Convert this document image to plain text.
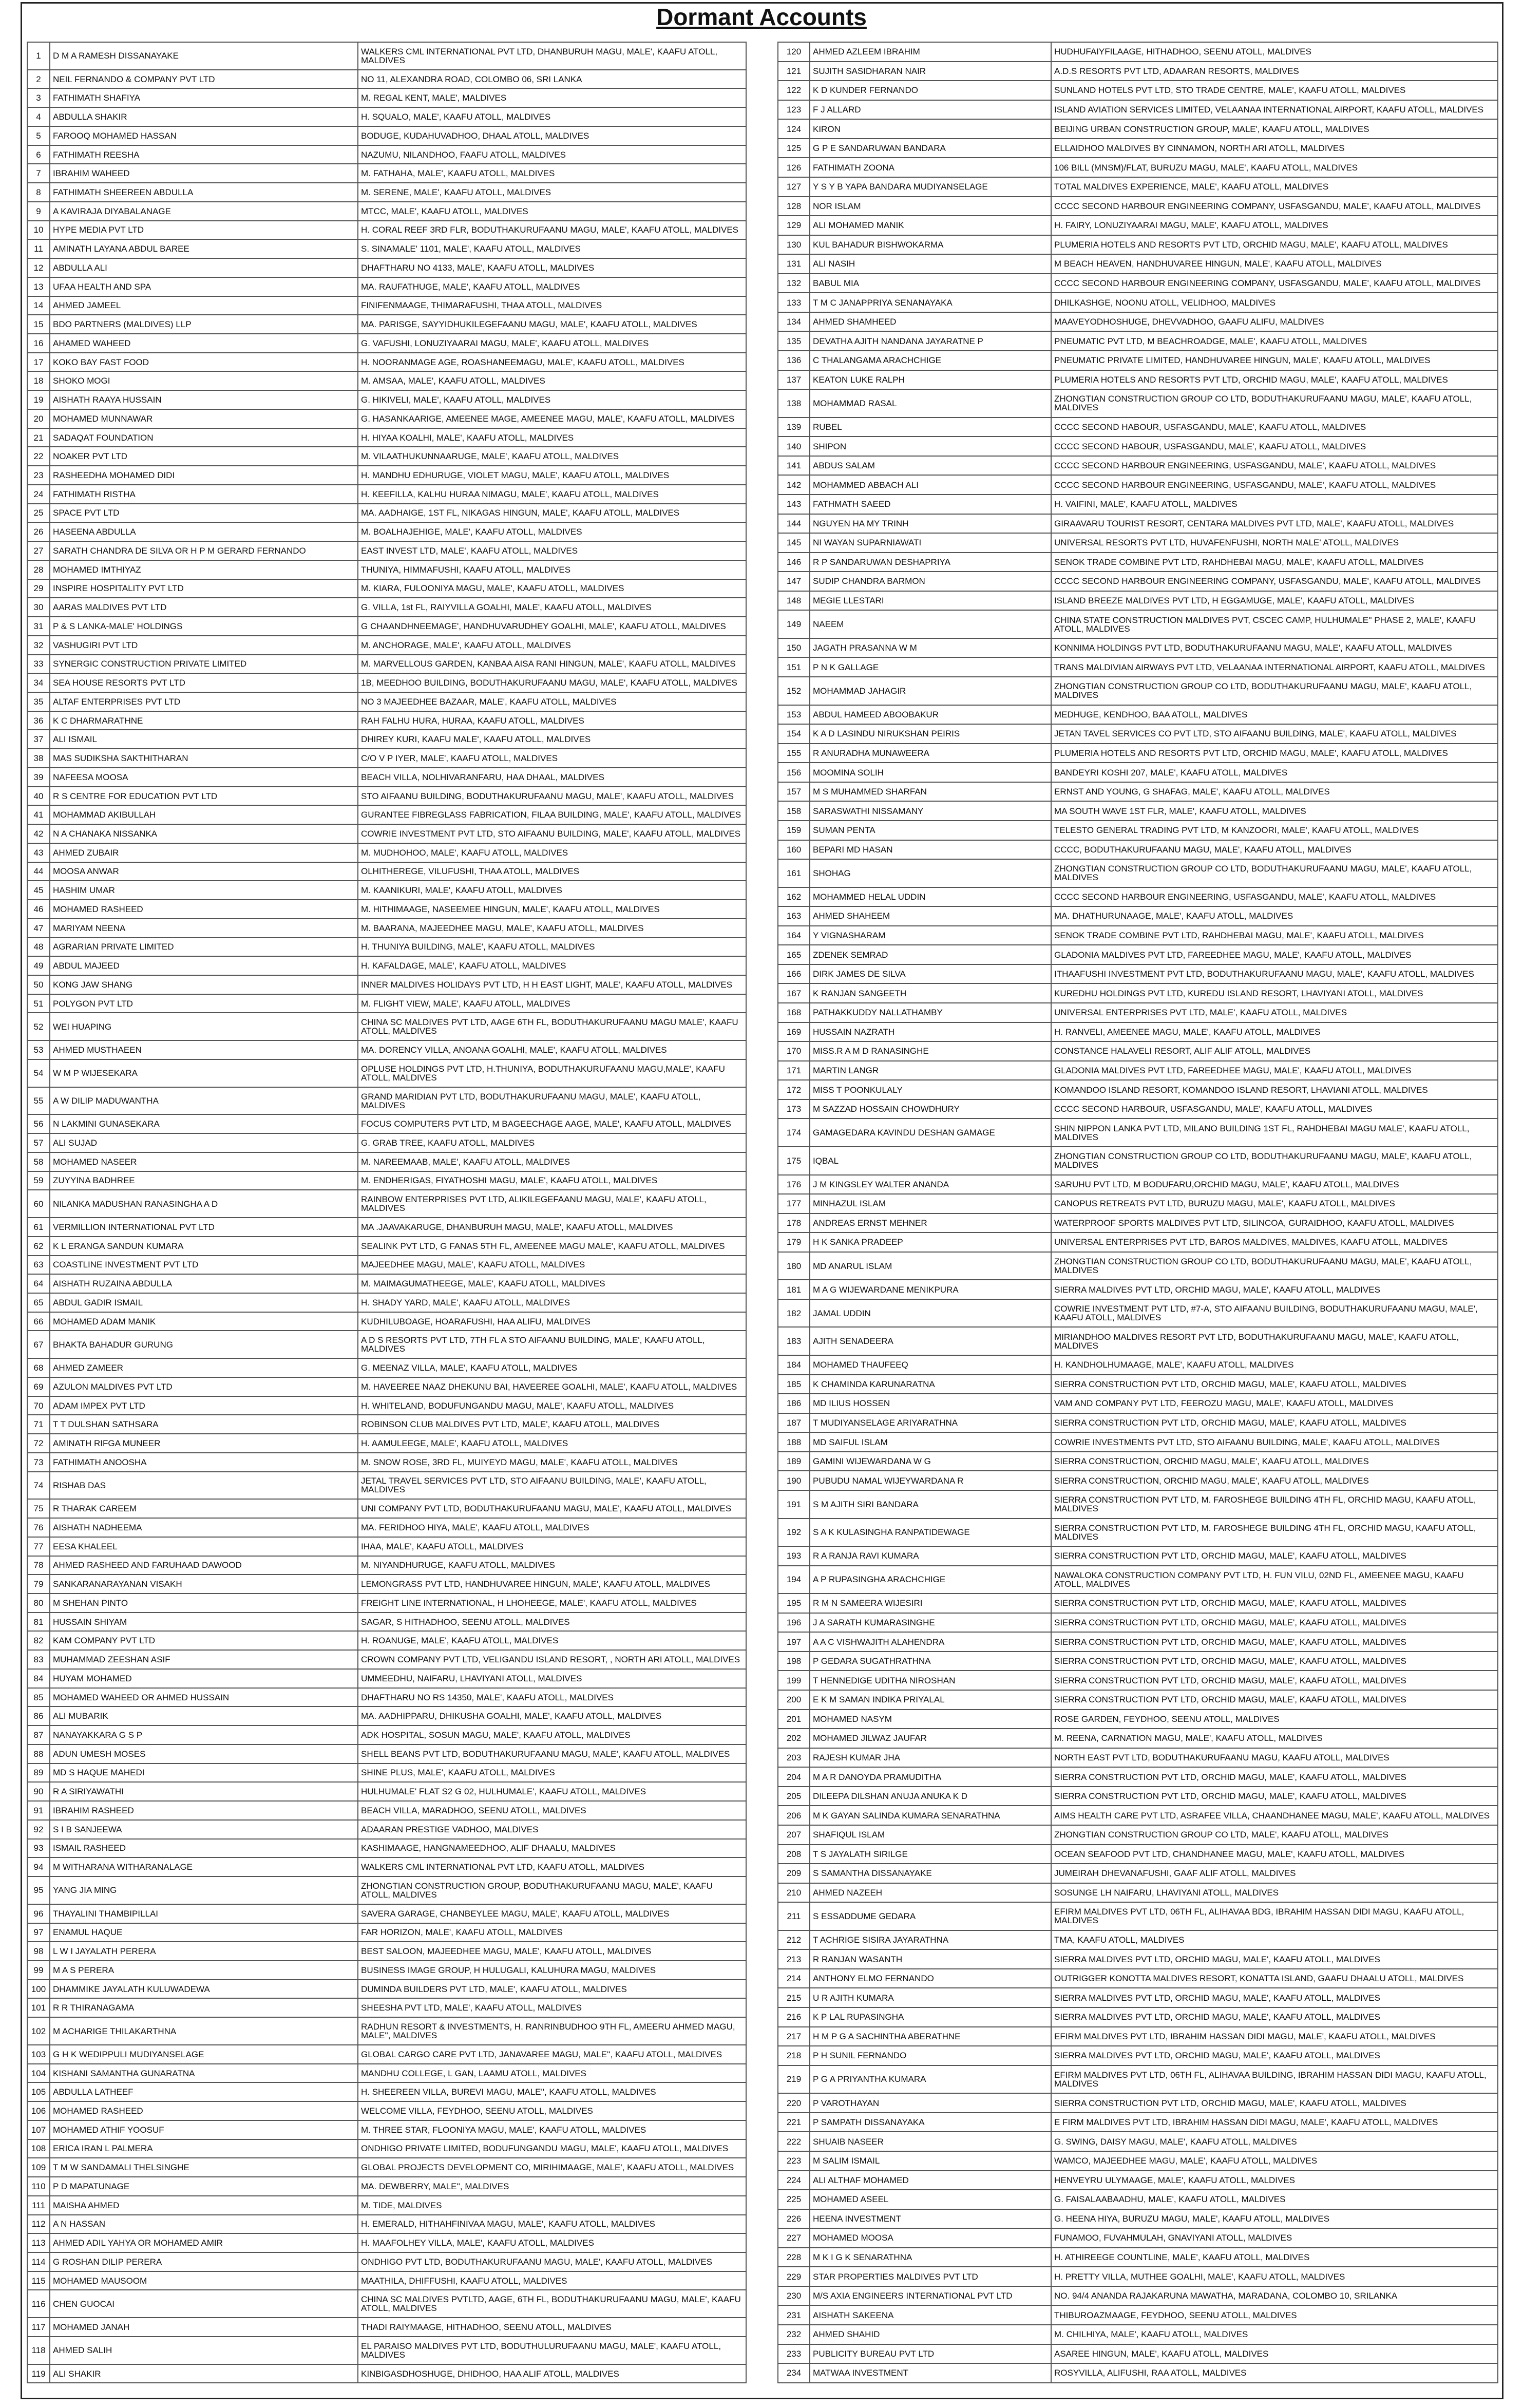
Dormant Accounts
1	D M A RAMESH DISSANAYAKE	WALKERS CML INTERNATIONAL PVT LTD, DHANBURUH MAGU, MALE', KAAFU ATOLL, MALDIVES
2	NEIL FERNANDO & COMPANY PVT LTD	NO 11, ALEXANDRA ROAD, COLOMBO 06, SRI LANKA
3	FATHIMATH SHAFIYA	M. REGAL KENT, MALE', MALDIVES
4	ABDULLA SHAKIR	H. SQUALO, MALE', KAAFU ATOLL, MALDIVES
5	FAROOQ MOHAMED HASSAN	BODUGE, KUDAHUVADHOO, DHAAL ATOLL, MALDIVES
6	FATHIMATH REESHA	NAZUMU, NILANDHOO, FAAFU ATOLL, MALDIVES
7	IBRAHIM WAHEED	M. FATHAHA, MALE', KAAFU ATOLL, MALDIVES
8	FATHIMATH SHEEREEN ABDULLA	M. SERENE, MALE', KAAFU ATOLL, MALDIVES
9	A KAVIRAJA DIYABALANAGE	MTCC, MALE', KAAFU ATOLL, MALDIVES
10	HYPE MEDIA PVT LTD	H. CORAL REEF 3RD FLR, BODUTHAKURUFAANU MAGU, MALE', KAAFU ATOLL, MALDIVES
11	AMINATH LAYANA ABDUL BAREE	S. SINAMALE' 1101, MALE', KAAFU ATOLL, MALDIVES
12	ABDULLA ALI	DHAFTHARU NO 4133, MALE', KAAFU ATOLL, MALDIVES
13	UFAA HEALTH AND SPA	MA. RAUFATHUGE, MALE', KAAFU ATOLL, MALDIVES
14	AHMED JAMEEL	FINIFENMAAGE, THIMARAFUSHI, THAA ATOLL, MALDIVES
15	BDO PARTNERS (MALDIVES) LLP	MA. PARISGE, SAYYIDHUKILEGEFAANU MAGU, MALE', KAAFU ATOLL, MALDIVES
16	AHAMED WAHEED	G. VAFUSHI, LONUZIYAARAI MAGU, MALE', KAAFU ATOLL, MALDIVES
17	KOKO BAY FAST FOOD	H. NOORANMAGE AGE, ROASHANEEMAGU, MALE', KAAFU ATOLL, MALDIVES
18	SHOKO MOGI	M. AMSAA, MALE', KAAFU ATOLL, MALDIVES
19	AISHATH RAAYA HUSSAIN	G. HIKIVELI, MALE', KAAFU ATOLL, MALDIVES
20	MOHAMED MUNNAWAR	G. HASANKAARIGE, AMEENEE MAGE, AMEENEE MAGU, MALE', KAAFU ATOLL, MALDIVES
21	SADAQAT FOUNDATION	H. HIYAA KOALHI, MALE', KAAFU ATOLL, MALDIVES
22	NOAKER PVT LTD	M. VILAATHUKUNNAARUGE, MALE', KAAFU ATOLL, MALDIVES
23	RASHEEDHA MOHAMED DIDI	H. MANDHU EDHURUGE, VIOLET MAGU, MALE', KAAFU ATOLL, MALDIVES
24	FATHIMATH RISTHA	H. KEEFILLA, KALHU HURAA NIMAGU, MALE', KAAFU ATOLL, MALDIVES
25	SPACE PVT LTD	MA. AADHAIGE, 1ST FL, NIKAGAS HINGUN, MALE', KAAFU ATOLL, MALDIVES
26	HASEENA ABDULLA	M. BOALHAJEHIGE, MALE', KAAFU ATOLL, MALDIVES
27	SARATH CHANDRA DE SILVA OR H P M GERARD FERNANDO	EAST INVEST LTD, MALE', KAAFU ATOLL, MALDIVES
28	MOHAMED IMTHIYAZ	THUNIYA, HIMMAFUSHI, KAAFU ATOLL, MALDIVES
29	INSPIRE HOSPITALITY PVT LTD	M. KIARA, FULOONIYA MAGU, MALE', KAAFU ATOLL, MALDIVES
30	AARAS MALDIVES PVT LTD	G. VILLA, 1st FL, RAIYVILLA GOALHI, MALE', KAAFU ATOLL, MALDIVES
31	P & S LANKA-MALE' HOLDINGS	G CHAANDHNEEMAGE', HANDHUVARUDHEY GOALHI, MALE', KAAFU ATOLL, MALDIVES
32	VASHUGIRI PVT LTD	M. ANCHORAGE, MALE', KAAFU ATOLL, MALDIVES
33	SYNERGIC CONSTRUCTION PRIVATE LIMITED	M. MARVELLOUS GARDEN, KANBAA AISA RANI HINGUN, MALE', KAAFU ATOLL, MALDIVES
34	SEA HOUSE RESORTS PVT LTD	1B, MEEDHOO BUILDING, BODUTHAKURUFAANU MAGU, MALE', KAAFU ATOLL, MALDIVES
35	ALTAF ENTERPRISES PVT LTD	NO 3 MAJEEDHEE BAZAAR, MALE', KAAFU ATOLL, MALDIVES
36	K C DHARMARATHNE	RAH FALHU HURA, HURAA, KAAFU ATOLL, MALDIVES
37	ALI ISMAIL	DHIREY KURI, KAAFU MALE', KAAFU ATOLL, MALDIVES
38	MAS SUDIKSHA SAKTHITHARAN	C/O V P IYER, MALE', KAAFU ATOLL, MALDIVES
39	NAFEESA MOOSA	BEACH VILLA, NOLHIVARANFARU, HAA DHAAL, MALDIVES
40	R S CENTRE FOR EDUCATION PVT LTD	STO AIFAANU BUILDING, BODUTHAKURUFAANU MAGU, MALE', KAAFU ATOLL, MALDIVES
41	MOHAMMAD AKIBULLAH	GURANTEE FIBREGLASS FABRICATION, FILAA BUILDING, MALE', KAAFU ATOLL, MALDIVES
42	N A CHANAKA NISSANKA	COWRIE INVESTMENT PVT LTD, STO AIFAANU BUILDING, MALE', KAAFU ATOLL, MALDIVES
43	AHMED ZUBAIR	M. MUDHOHOO, MALE', KAAFU ATOLL, MALDIVES
44	MOOSA ANWAR	OLHITHEREGE, VILUFUSHI, THAA ATOLL, MALDIVES
45	HASHIM UMAR	M. KAANIKURI, MALE', KAAFU ATOLL, MALDIVES
46	MOHAMED RASHEED	M. HITHIMAAGE, NASEEMEE HINGUN, MALE', KAAFU ATOLL, MALDIVES
47	MARIYAM NEENA	M. BAARANA, MAJEEDHEE MAGU, MALE', KAAFU ATOLL, MALDIVES
48	AGRARIAN PRIVATE LIMITED	H. THUNIYA BUILDING, MALE', KAAFU ATOLL, MALDIVES
49	ABDUL MAJEED	H. KAFALDAGE, MALE', KAAFU ATOLL, MALDIVES
50	KONG JAW SHANG	INNER MALDIVES HOLIDAYS PVT LTD, H H EAST LIGHT, MALE', KAAFU ATOLL, MALDIVES
51	POLYGON PVT LTD	M. FLIGHT VIEW, MALE', KAAFU ATOLL, MALDIVES
52	WEI HUAPING	CHINA SC MALDIVES PVT LTD, AAGE 6TH FL, BODUTHAKURUFAANU MAGU MALE', KAAFU ATOLL, MALDIVES
53	AHMED MUSTHAEEN	MA. DORENCY VILLA, ANOANA GOALHI, MALE', KAAFU ATOLL, MALDIVES
54	W M P WIJESEKARA	OPLUSE HOLDINGS PVT LTD, H.THUNIYA, BODUTHAKURUFAANU MAGU,MALE', KAAFU ATOLL, MALDIVES
55	A W DILIP MADUWANTHA	GRAND MARIDIAN PVT LTD, BODUTHAKURUFAANU MAGU, MALE', KAAFU ATOLL, MALDIVES
56	N LAKMINI GUNASEKARA	FOCUS COMPUTERS PVT LTD, M BAGEECHAGE AAGE, MALE', KAAFU ATOLL, MALDIVES
57	ALI SUJAD	G. GRAB TREE, KAAFU ATOLL, MALDIVES
58	MOHAMED NASEER	M. NAREEMAAB, MALE', KAAFU ATOLL, MALDIVES
59	ZUYYINA BADHREE	M. ENDHERIGAS, FIYATHOSHI MAGU, MALE', KAAFU ATOLL, MALDIVES
60	NILANKA MADUSHAN RANASINGHA A D	RAINBOW ENTERPRISES PVT LTD, ALIKILEGEFAANU MAGU, MALE', KAAFU ATOLL, MALDIVES
61	VERMILLION INTERNATIONAL PVT LTD	MA .JAAVAKARUGE, DHANBURUH MAGU, MALE', KAAFU ATOLL, MALDIVES
62	K L ERANGA SANDUN KUMARA	SEALINK PVT LTD, G FANAS 5TH FL, AMEENEE MAGU MALE', KAAFU ATOLL, MALDIVES
63	COASTLINE INVESTMENT PVT LTD	MAJEEDHEE MAGU, MALE', KAAFU ATOLL, MALDIVES
64	AISHATH RUZAINA ABDULLA	M. MAIMAGUMATHEEGE, MALE', KAAFU ATOLL, MALDIVES
65	ABDUL GADIR ISMAIL	H. SHADY YARD, MALE', KAAFU ATOLL, MALDIVES
66	MOHAMED ADAM MANIK	KUDHILUBOAGE, HOARAFUSHI, HAA ALIFU, MALDIVES
67	BHAKTA BAHADUR GURUNG	A D S RESORTS PVT LTD, 7TH FL A STO AIFAANU BUILDING, MALE', KAAFU ATOLL, MALDIVES
68	AHMED ZAMEER	G. MEENAZ VILLA, MALE', KAAFU ATOLL, MALDIVES
69	AZULON MALDIVES PVT LTD	M. HAVEEREE NAAZ DHEKUNU BAI, HAVEEREE GOALHI, MALE', KAAFU ATOLL, MALDIVES
70	ADAM IMPEX PVT LTD	H. WHITELAND, BODUFUNGANDU MAGU, MALE', KAAFU ATOLL, MALDIVES
71	T T DULSHAN SATHSARA	ROBINSON CLUB MALDIVES PVT LTD, MALE', KAAFU ATOLL, MALDIVES
72	AMINATH RIFGA MUNEER	H. AAMULEEGE, MALE', KAAFU ATOLL, MALDIVES
73	FATHIMATH ANOOSHA	M. SNOW ROSE, 3RD FL, MUIYEYD MAGU, MALE', KAAFU ATOLL, MALDIVES
74	RISHAB DAS	JETAL TRAVEL SERVICES PVT LTD, STO AIFAANU BUILDING, MALE', KAAFU ATOLL, MALDIVES
75	R THARAK CAREEM	UNI COMPANY PVT LTD, BODUTHAKURUFAANU MAGU, MALE', KAAFU ATOLL, MALDIVES
76	AISHATH NADHEEMA	MA. FERIDHOO HIYA, MALE', KAAFU ATOLL, MALDIVES
77	EESA KHALEEL	IHAA, MALE', KAAFU ATOLL, MALDIVES
78	AHMED RASHEED AND FARUHAAD DAWOOD	M. NIYANDHURUGE, KAAFU ATOLL, MALDIVES
79	SANKARANARAYANAN VISAKH	LEMONGRASS PVT LTD, HANDHUVAREE HINGUN, MALE', KAAFU ATOLL, MALDIVES
80	M SHEHAN PINTO	FREIGHT LINE INTERNATIONAL, H LHOHEEGE, MALE', KAAFU ATOLL, MALDIVES
81	HUSSAIN SHIYAM	SAGAR, S HITHADHOO, SEENU ATOLL, MALDIVES
82	KAM COMPANY PVT LTD	H. ROANUGE, MALE', KAAFU ATOLL, MALDIVES
83	MUHAMMAD ZEESHAN ASIF	CROWN COMPANY PVT LTD, VELIGANDU ISLAND RESORT, , NORTH ARI ATOLL, MALDIVES
84	HUYAM MOHAMED	UMMEEDHU, NAIFARU, LHAVIYANI ATOLL, MALDIVES
85	MOHAMED WAHEED OR AHMED HUSSAIN	DHAFTHARU NO RS 14350, MALE', KAAFU ATOLL, MALDIVES
86	ALI MUBARIK	MA. AADHIPPARU, DHIKUSHA GOALHI, MALE', KAAFU ATOLL, MALDIVES
87	NANAYAKKARA G S P	ADK HOSPITAL, SOSUN MAGU, MALE', KAAFU ATOLL, MALDIVES
88	ADUN UMESH MOSES	SHELL BEANS PVT LTD, BODUTHAKURUFAANU MAGU, MALE', KAAFU ATOLL, MALDIVES
89	MD S HAQUE MAHEDI	SHINE PLUS, MALE', KAAFU ATOLL, MALDIVES
90	R A SIRIYAWATHI	HULHUMALE' FLAT S2 G 02, HULHUMALE', KAAFU ATOLL, MALDIVES
91	IBRAHIM RASHEED	BEACH VILLA, MARADHOO, SEENU ATOLL, MALDIVES
92	S I B SANJEEWA	ADAARAN PRESTIGE VADHOO, MALDIVES
93	ISMAIL RASHEED	KASHIMAAGE, HANGNAMEEDHOO, ALIF DHAALU, MALDIVES
94	M WITHARANA WITHARANALAGE	WALKERS CML INTERNATIONAL PVT LTD, KAAFU ATOLL, MALDIVES
95	YANG JIA MING	ZHONGTIAN CONSTRUCTION GROUP, BODUTHAKURUFAANU MAGU, MALE', KAAFU ATOLL, MALDIVES
96	THAYALINI THAMBIPILLAI	SAVERA GARAGE, CHANBEYLEE MAGU, MALE', KAAFU ATOLL, MALDIVES
97	ENAMUL HAQUE	FAR HORIZON, MALE', KAAFU ATOLL, MALDIVES
98	L W I JAYALATH PERERA	BEST SALOON, MAJEEDHEE MAGU, MALE', KAAFU ATOLL, MALDIVES
99	M A S PERERA	BUSINESS IMAGE GROUP, H HULUGALI, KALUHURA MAGU, MALDIVES
100	DHAMMIKE JAYALATH KULUWADEWA	DUMINDA BUILDERS PVT LTD, MALE', KAAFU ATOLL, MALDIVES
101	R R THIRANAGAMA	SHEESHA PVT LTD, MALE', KAAFU ATOLL, MALDIVES
102	M ACHARIGE THILAKARTHNA	RADHUN RESORT & INVESTMENTS, H. RANRINBUDHOO 9TH FL, AMEERU AHMED MAGU, MALE'', MALDIVES
103	G H K WEDIPPULI MUDIYANSELAGE	GLOBAL CARGO CARE PVT LTD, JANAVAREE MAGU, MALE'', KAAFU ATOLL, MALDIVES
104	KISHANI SAMANTHA GUNARATNA	MANDHU COLLEGE, L GAN, LAAMU ATOLL, MALDIVES
105	ABDULLA LATHEEF	H. SHEEREEN VILLA, BUREVI MAGU, MALE'', KAAFU ATOLL, MALDIVES
106	MOHAMED RASHEED	WELCOME VILLA, FEYDHOO, SEENU ATOLL, MALDIVES
107	MOHAMED ATHIF YOOSUF	M. THREE STAR, FLOONIYA MAGU, MALE', KAAFU ATOLL, MALDIVES
108	ERICA IRAN L PALMERA	ONDHIGO PRIVATE LIMITED, BODUFUNGANDU MAGU, MALE', KAAFU ATOLL, MALDIVES
109	T M W SANDAMALI THELSINGHE	GLOBAL PROJECTS DEVELOPMENT CO, MIRIHIMAAGE, MALE', KAAFU ATOLL, MALDIVES
110	P D MAPATUNAGE	MA. DEWBERRY, MALE'', MALDIVES
111	MAISHA AHMED	M. TIDE, MALDIVES
112	A N HASSAN	H. EMERALD, HITHAHFINIVAA MAGU, MALE', KAAFU ATOLL, MALDIVES
113	AHMED ADIL YAHYA OR MOHAMED AMIR	H. MAAFOLHEY VILLA, MALE', KAAFU ATOLL, MALDIVES
114	G ROSHAN DILIP PERERA	ONDHIGO PVT LTD, BODUTHAKURUFAANU MAGU, MALE', KAAFU ATOLL, MALDIVES
115	MOHAMED MAUSOOM	MAATHILA, DHIFFUSHI, KAAFU ATOLL, MALDIVES
116	CHEN GUOCAI	CHINA SC MALDIVES PVTLTD, AAGE, 6TH FL, BODUTHAKURUFAANU MAGU, MALE', KAAFU ATOLL, MALDIVES
117	MOHAMED JANAH	THADI RAIYMAAGE, HITHADHOO, SEENU ATOLL, MALDIVES
118	AHMED SALIH	EL PARAISO MALDIVES PVT LTD, BODUTHULURUFAANU MAGU, MALE', KAAFU ATOLL, MALDIVES
119	ALI SHAKIR	KINBIGASDHOSHUGE, DHIDHOO, HAA ALIF ATOLL, MALDIVES
120	AHMED AZLEEM IBRAHIM	HUDHUFAIYFILAAGE, HITHADHOO, SEENU ATOLL, MALDIVES
121	SUJITH SASIDHARAN NAIR	A.D.S RESORTS PVT LTD, ADAARAN RESORTS, MALDIVES
122	K D KUNDER FERNANDO	SUNLAND HOTELS PVT LTD, STO TRADE CENTRE, MALE', KAAFU ATOLL, MALDIVES
123	F J ALLARD	ISLAND AVIATION SERVICES LIMITED, VELAANAA INTERNATIONAL AIRPORT, KAAFU ATOLL, MALDIVES
124	KIRON	BEIJING URBAN CONSTRUCTION GROUP, MALE', KAAFU ATOLL, MALDIVES
125	G P E SANDARUWAN BANDARA	ELLAIDHOO MALDIVES BY CINNAMON, NORTH ARI ATOLL, MALDIVES
126	FATHIMATH ZOONA	106 BILL (MNSM)/FLAT, BURUZU MAGU, MALE', KAAFU ATOLL, MALDIVES
127	Y S Y B YAPA BANDARA MUDIYANSELAGE	TOTAL MALDIVES EXPERIENCE, MALE', KAAFU ATOLL, MALDIVES
128	NOR ISLAM	CCCC SECOND HARBOUR ENGINEERING COMPANY, USFASGANDU, MALE', KAAFU ATOLL, MALDIVES
129	ALI MOHAMED MANIK	H. FAIRY, LONUZIYAARAI MAGU, MALE', KAAFU ATOLL, MALDIVES
130	KUL BAHADUR BISHWOKARMA	PLUMERIA HOTELS AND RESORTS PVT LTD, ORCHID MAGU, MALE', KAAFU ATOLL, MALDIVES
131	ALI NASIH	M BEACH HEAVEN, HANDHUVAREE HINGUN, MALE', KAAFU ATOLL, MALDIVES
132	BABUL MIA	CCCC SECOND HARBOUR ENGINEERING COMPANY, USFASGANDU, MALE', KAAFU ATOLL, MALDIVES
133	T M C JANAPPRIYA SENANAYAKA	DHILKASHGE, NOONU ATOLL, VELIDHOO, MALDIVES
134	AHMED SHAMHEED	MAAVEYODHOSHUGE, DHEVVADHOO, GAAFU ALIFU, MALDIVES
135	DEVATHA AJITH NANDANA JAYARATNE P	PNEUMATIC PVT LTD, M BEACHROADGE, MALE', KAAFU ATOLL, MALDIVES
136	C THALANGAMA ARACHCHIGE	PNEUMATIC PRIVATE LIMITED, HANDHUVAREE HINGUN, MALE', KAAFU ATOLL, MALDIVES
137	KEATON LUKE RALPH	PLUMERIA HOTELS AND RESORTS PVT LTD, ORCHID MAGU, MALE', KAAFU ATOLL, MALDIVES
138	MOHAMMAD RASAL	ZHONGTIAN CONSTRUCTION GROUP CO LTD, BODUTHAKURUFAANU MAGU, MALE', KAAFU ATOLL, MALDIVES
139	RUBEL	CCCC SECOND HABOUR, USFASGANDU, MALE', KAAFU ATOLL, MALDIVES
140	SHIPON	CCCC SECOND HABOUR, USFASGANDU, MALE', KAAFU ATOLL, MALDIVES
141	ABDUS SALAM	CCCC SECOND HARBOUR ENGINEERING, USFASGANDU, MALE', KAAFU ATOLL, MALDIVES
142	MOHAMMED ABBACH ALI	CCCC SECOND HARBOUR ENGINEERING, USFASGANDU, MALE', KAAFU ATOLL, MALDIVES
143	FATHMATH SAEED	H. VAIFINI, MALE', KAAFU ATOLL, MALDIVES
144	NGUYEN HA MY TRINH	GIRAAVARU TOURIST RESORT, CENTARA MALDIVES PVT LTD, MALE', KAAFU ATOLL, MALDIVES
145	NI WAYAN SUPARNIAWATI	UNIVERSAL RESORTS PVT LTD, HUVAFENFUSHI, NORTH MALE' ATOLL, MALDIVES
146	R P SANDARUWAN DESHAPRIYA	SENOK TRADE COMBINE PVT LTD, RAHDHEBAI MAGU, MALE', KAAFU ATOLL, MALDIVES
147	SUDIP CHANDRA BARMON	CCCC SECOND HARBOUR ENGINEERING COMPANY, USFASGANDU, MALE', KAAFU ATOLL, MALDIVES
148	MEGIE LLESTARI	ISLAND BREEZE MALDIVES PVT LTD, H EGGAMUGE, MALE', KAAFU ATOLL, MALDIVES
149	NAEEM	CHINA STATE CONSTRUCTION MALDIVES PVT, CSCEC CAMP, HULHUMALE'' PHASE 2, MALE', KAAFU ATOLL, MALDIVES
150	JAGATH PRASANNA W M	KONNIMA HOLDINGS PVT LTD, BODUTHAKURUFAANU MAGU, MALE', KAAFU ATOLL, MALDIVES
151	P N K GALLAGE	TRANS MALDIVIAN AIRWAYS PVT LTD, VELAANAA INTERNATIONAL AIRPORT, KAAFU ATOLL, MALDIVES
152	MOHAMMAD JAHAGIR	ZHONGTIAN CONSTRUCTION GROUP CO LTD, BODUTHAKURUFAANU MAGU, MALE', KAAFU ATOLL, MALDIVES
153	ABDUL HAMEED ABOOBAKUR	MEDHUGE, KENDHOO, BAA ATOLL, MALDIVES
154	K A D LASINDU NIRUKSHAN PEIRIS	JETAN TAVEL SERVICES CO PVT LTD, STO AIFAANU BUILDING, MALE', KAAFU ATOLL, MALDIVES
155	R ANURADHA MUNAWEERA	PLUMERIA HOTELS AND RESORTS PVT LTD, ORCHID MAGU, MALE', KAAFU ATOLL, MALDIVES
156	MOOMINA SOLIH	BANDEYRI KOSHI 207, MALE', KAAFU ATOLL, MALDIVES
157	M S MUHAMMED SHARFAN	ERNST AND YOUNG, G SHAFAG, MALE', KAAFU ATOLL, MALDIVES
158	SARASWATHI NISSAMANY	MA SOUTH WAVE 1ST FLR, MALE', KAAFU ATOLL, MALDIVES
159	SUMAN PENTA	TELESTO GENERAL TRADING PVT LTD, M KANZOORI, MALE', KAAFU ATOLL, MALDIVES
160	BEPARI MD HASAN	CCCC, BODUTHAKURUFAANU MAGU, MALE', KAAFU ATOLL, MALDIVES
161	SHOHAG	ZHONGTIAN CONSTRUCTION GROUP CO LTD, BODUTHAKURUFAANU MAGU, MALE', KAAFU ATOLL, MALDIVES
162	MOHAMMED HELAL UDDIN	CCCC SECOND HARBOUR ENGINEERING, USFASGANDU, MALE', KAAFU ATOLL, MALDIVES
163	AHMED SHAHEEM	MA. DHATHURUNAAGE, MALE', KAAFU ATOLL, MALDIVES
164	Y VIGNASHARAM	SENOK TRADE COMBINE PVT LTD, RAHDHEBAI MAGU, MALE', KAAFU ATOLL, MALDIVES
165	ZDENEK SEMRAD	GLADONIA MALDIVES PVT LTD, FAREEDHEE MAGU, MALE', KAAFU ATOLL, MALDIVES
166	DIRK JAMES DE SILVA	ITHAAFUSHI INVESTMENT PVT LTD, BODUTHAKURUFAANU MAGU, MALE', KAAFU ATOLL, MALDIVES
167	K RANJAN SANGEETH	KUREDHU HOLDINGS PVT LTD, KUREDU ISLAND RESORT, LHAVIYANI ATOLL, MALDIVES
168	PATHAKKUDDY NALLATHAMBY	UNIVERSAL ENTERPRISES PVT LTD, MALE', KAAFU ATOLL, MALDIVES
169	HUSSAIN NAZRATH	H. RANVELI, AMEENEE MAGU, MALE', KAAFU ATOLL, MALDIVES
170	MISS.R A M D RANASINGHE	CONSTANCE HALAVELI RESORT, ALIF ALIF ATOLL, MALDIVES
171	MARTIN LANGR	GLADONIA MALDIVES PVT LTD, FAREEDHEE MAGU, MALE', KAAFU ATOLL, MALDIVES
172	MISS T POONKULALY	KOMANDOO ISLAND RESORT, KOMANDOO ISLAND RESORT, LHAVIANI ATOLL, MALDIVES
173	M SAZZAD HOSSAIN CHOWDHURY	CCCC SECOND HARBOUR, USFASGANDU, MALE', KAAFU ATOLL, MALDIVES
174	GAMAGEDARA KAVINDU DESHAN GAMAGE	SHIN NIPPON LANKA PVT LTD, MILANO BUILDING 1ST FL, RAHDHEBAI MAGU MALE', KAAFU ATOLL, MALDIVES
175	IQBAL	ZHONGTIAN CONSTRUCTION GROUP CO LTD, BODUTHAKURUFAANU MAGU, MALE', KAAFU ATOLL, MALDIVES
176	J M KINGSLEY WALTER ANANDA	SARUHU PVT LTD, M BODUFARU,ORCHID MAGU, MALE', KAAFU ATOLL, MALDIVES
177	MINHAZUL ISLAM	CANOPUS RETREATS PVT LTD, BURUZU MAGU, MALE', KAAFU ATOLL, MALDIVES
178	ANDREAS ERNST MEHNER	WATERPROOF SPORTS MALDIVES PVT LTD, SILINCOA, GURAIDHOO, KAAFU ATOLL, MALDIVES
179	H K SANKA PRADEEP	UNIVERSAL ENTERPRISES PVT LTD, BAROS MALDIVES, MALDIVES, KAAFU ATOLL, MALDIVES
180	MD ANARUL ISLAM	ZHONGTIAN CONSTRUCTION GROUP CO LTD, BODUTHAKURUFAANU MAGU, MALE', KAAFU ATOLL, MALDIVES
181	M A G WIJEWARDANE MENIKPURA	SIERRA MALDIVES PVT LTD, ORCHID MAGU, MALE', KAAFU ATOLL, MALDIVES
182	JAMAL UDDIN	COWRIE INVESTMENT PVT LTD, #7-A, STO AIFAANU BUILDING, BODUTHAKURUFAANU MAGU, MALE', KAAFU ATOLL, MALDIVES
183	AJITH SENADEERA	MIRIANDHOO MALDIVES RESORT PVT LTD, BODUTHAKURUFAANU MAGU, MALE', KAAFU ATOLL, MALDIVES
184	MOHAMED THAUFEEQ	H. KANDHOLHUMAAGE, MALE', KAAFU ATOLL, MALDIVES
185	K CHAMINDA KARUNARATNA	SIERRA CONSTRUCTION PVT LTD, ORCHID MAGU, MALE', KAAFU ATOLL, MALDIVES
186	MD ILIUS HOSSEN	VAM AND COMPANY PVT LTD, FEEROZU MAGU, MALE', KAAFU ATOLL, MALDIVES
187	T MUDIYANSELAGE ARIYARATHNA	SIERRA CONSTRUCTION PVT LTD, ORCHID MAGU, MALE', KAAFU ATOLL, MALDIVES
188	MD SAIFUL ISLAM	COWRIE INVESTMENTS PVT LTD, STO AIFAANU BUILDING, MALE', KAAFU ATOLL, MALDIVES
189	GAMINI WIJEWARDANA W G	SIERRA CONSTRUCTION, ORCHID MAGU, MALE', KAAFU ATOLL, MALDIVES
190	PUBUDU NAMAL WIJEYWARDANA R	SIERRA CONSTRUCTION, ORCHID MAGU, MALE', KAAFU ATOLL, MALDIVES
191	S M AJITH SIRI BANDARA	SIERRA CONSTRUCTION PVT LTD, M. FAROSHEGE BUILDING 4TH FL, ORCHID MAGU, KAAFU ATOLL, MALDIVES
192	S A K KULASINGHA RANPATIDEWAGE	SIERRA CONSTRUCTION PVT LTD, M. FAROSHEGE BUILDING 4TH FL, ORCHID MAGU, KAAFU ATOLL, MALDIVES
193	R A RANJA RAVI KUMARA	SIERRA CONSTRUCTION PVT LTD, ORCHID MAGU, MALE', KAAFU ATOLL, MALDIVES
194	A P RUPASINGHA ARACHCHIGE	NAWALOKA CONSTRUCTION COMPANY PVT LTD, H. FUN VILU, 02ND FL, AMEENEE MAGU, KAAFU ATOLL, MALDIVES
195	R M N SAMEERA WIJESIRI	SIERRA CONSTRUCTION PVT LTD, ORCHID MAGU, MALE', KAAFU ATOLL, MALDIVES
196	J A SARATH KUMARASINGHE	SIERRA CONSTRUCTION PVT LTD, ORCHID MAGU, MALE', KAAFU ATOLL, MALDIVES
197	A A C VISHWAJITH ALAHENDRA	SIERRA CONSTRUCTION PVT LTD, ORCHID MAGU, MALE', KAAFU ATOLL, MALDIVES
198	P GEDARA SUGATHRATHNA	SIERRA CONSTRUCTION PVT LTD, ORCHID MAGU, MALE', KAAFU ATOLL, MALDIVES
199	T HENNEDIGE UDITHA NIROSHAN	SIERRA CONSTRUCTION PVT LTD, ORCHID MAGU, MALE', KAAFU ATOLL, MALDIVES
200	E K M SAMAN INDIKA PRIYALAL	SIERRA CONSTRUCTION PVT LTD, ORCHID MAGU, MALE', KAAFU ATOLL, MALDIVES
201	MOHAMED NASYM	ROSE GARDEN, FEYDHOO, SEENU ATOLL, MALDIVES
202	MOHAMED JILWAZ JAUFAR	M. REENA, CARNATION MAGU, MALE', KAAFU ATOLL, MALDIVES
203	RAJESH KUMAR JHA	NORTH EAST PVT LTD, BODUTHAKURUFAANU MAGU, KAAFU ATOLL, MALDIVES
204	M A R DANOYDA PRAMUDITHA	SIERRA CONSTRUCTION PVT LTD, ORCHID MAGU, MALE', KAAFU ATOLL, MALDIVES
205	DILEEPA DILSHAN ANUJA ANUKA K D	SIERRA CONSTRUCTION PVT LTD, ORCHID MAGU, MALE', KAAFU ATOLL, MALDIVES
206	M K GAYAN SALINDA KUMARA SENARATHNA	AIMS HEALTH CARE PVT LTD, ASRAFEE VILLA, CHAANDHANEE MAGU, MALE', KAAFU ATOLL, MALDIVES
207	SHAFIQUL ISLAM	ZHONGTIAN CONSTRUCTION GROUP CO LTD, MALE', KAAFU ATOLL, MALDIVES
208	T S JAYALATH SIRILGE	OCEAN SEAFOOD PVT LTD, CHANDHANEE MAGU, MALE', KAAFU ATOLL, MALDIVES
209	S SAMANTHA DISSANAYAKE	JUMEIRAH DHEVANAFUSHI, GAAF ALIF ATOLL, MALDIVES
210	AHMED NAZEEH	SOSUNGE LH NAIFARU, LHAVIYANI ATOLL, MALDIVES
211	S ESSADDUME GEDARA	EFIRM MALDIVES PVT LTD, 06TH FL, ALIHAVAA BDG, IBRAHIM HASSAN DIDI MAGU, KAAFU ATOLL, MALDIVES
212	T ACHRIGE SISIRA JAYARATHNA	TMA, KAAFU ATOLL, MALDIVES
213	R RANJAN WASANTH	SIERRA MALDIVES PVT LTD, ORCHID MAGU, MALE', KAAFU ATOLL, MALDIVES
214	ANTHONY ELMO FERNANDO	OUTRIGGER KONOTTA MALDIVES RESORT, KONATTA ISLAND, GAAFU DHAALU ATOLL, MALDIVES
215	U R AJITH KUMARA	SIERRA MALDIVES PVT LTD, ORCHID MAGU, MALE', KAAFU ATOLL, MALDIVES
216	K P LAL RUPASINGHA	SIERRA MALDIVES PVT LTD, ORCHID MAGU, MALE', KAAFU ATOLL, MALDIVES
217	H M P G A SACHINTHA ABERATHNE	EFIRM MALDIVES PVT LTD, IBRAHIM HASSAN DIDI MAGU, MALE', KAAFU ATOLL, MALDIVES
218	P H SUNIL FERNANDO	SIERRA MALDIVES PVT LTD, ORCHID MAGU, MALE', KAAFU ATOLL, MALDIVES
219	P G A PRIYANTHA KUMARA	EFIRM MALDIVES PVT LTD, 06TH FL, ALIHAVAA BUILDING, IBRAHIM HASSAN DIDI MAGU, KAAFU ATOLL, MALDIVES
220	P VAROTHAYAN	SIERRA CONSTRUCTION PVT LTD, ORCHID MAGU, MALE', KAAFU ATOLL, MALDIVES
221	P SAMPATH DISSANAYAKA	E FIRM MALDIVES PVT LTD, IBRAHIM HASSAN DIDI MAGU, MALE', KAAFU ATOLL, MALDIVES
222	SHUAIB NASEER	G. SWING, DAISY MAGU, MALE', KAAFU ATOLL, MALDIVES
223	M SALIM ISMAIL	WAMCO, MAJEEDHEE MAGU, MALE', KAAFU ATOLL, MALDIVES
224	ALI ALTHAF MOHAMED	HENVEYRU ULYMAAGE, MALE', KAAFU ATOLL, MALDIVES
225	MOHAMED ASEEL	G. FAISALAABAADHU, MALE', KAAFU ATOLL, MALDIVES
226	HEENA INVESTMENT	G. HEENA HIYA, BURUZU MAGU, MALE', KAAFU ATOLL, MALDIVES
227	MOHAMED MOOSA	FUNAMOO, FUVAHMULAH, GNAVIYANI ATOLL, MALDIVES
228	M K I G K SENARATHNA	H. ATHIREEGE COUNTLINE, MALE', KAAFU ATOLL, MALDIVES
229	STAR PROPERTIES MALDIVES PVT LTD	H. PRETTY VILLA, MUTHEE GOALHI, MALE', KAAFU ATOLL, MALDIVES
230	M/S AXIA ENGINEERS INTERNATIONAL PVT LTD	NO. 94/4 ANANDA RAJAKARUNA MAWATHA, MARADANA, COLOMBO 10, SRILANKA
231	AISHATH SAKEENA	THIBUROAZMAAGE, FEYDHOO, SEENU ATOLL, MALDIVES
232	AHMED SHAHID	M. CHILHIYA, MALE', KAAFU ATOLL, MALDIVES
233	PUBLICITY BUREAU PVT LTD	ASAREE HINGUN, MALE', KAAFU ATOLL, MALDIVES
234	MATWAA INVESTMENT	ROSYVILLA, ALIFUSHI, RAA ATOLL, MALDIVES
